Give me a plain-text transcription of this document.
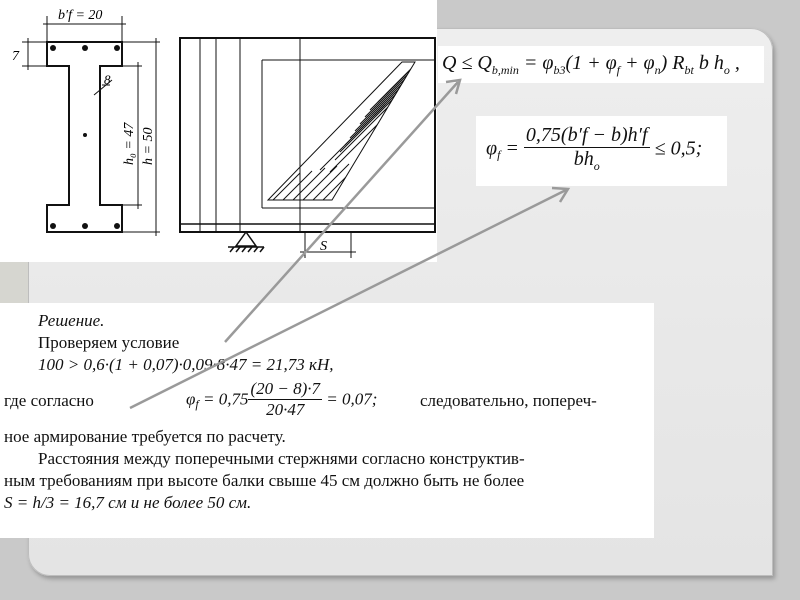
b′f = 20
7
8
h₀ = 47 h = 50
S
$Q \le Q_{b,min} = \varphi_{b3}(1 + \varphi_f + \varphi_n)$ $R_{bt}$ b $h_o$ ,
$\varphi_f = \frac{0,75(b'f - b)h'f}{bh_o} \le 0,5$;
Решение.
Проверяем условие
100 > 0,6·(1 + 0,07)·0,09·8·47 = 21,73 кН,
где согласно	$\varphi_f = 0,75 \frac{(20 - 8)\cdot 7}{20\cdot 47} = 0,07$;	следовательно, попереч-
ное армирование требуется по расчету.
Расстояния между поперечными стержнями согласно конструктив-
ным требованиям при высоте балки свыше 45 см должно быть не более
S = h/3 = 16,7 см и не более 50 см.
